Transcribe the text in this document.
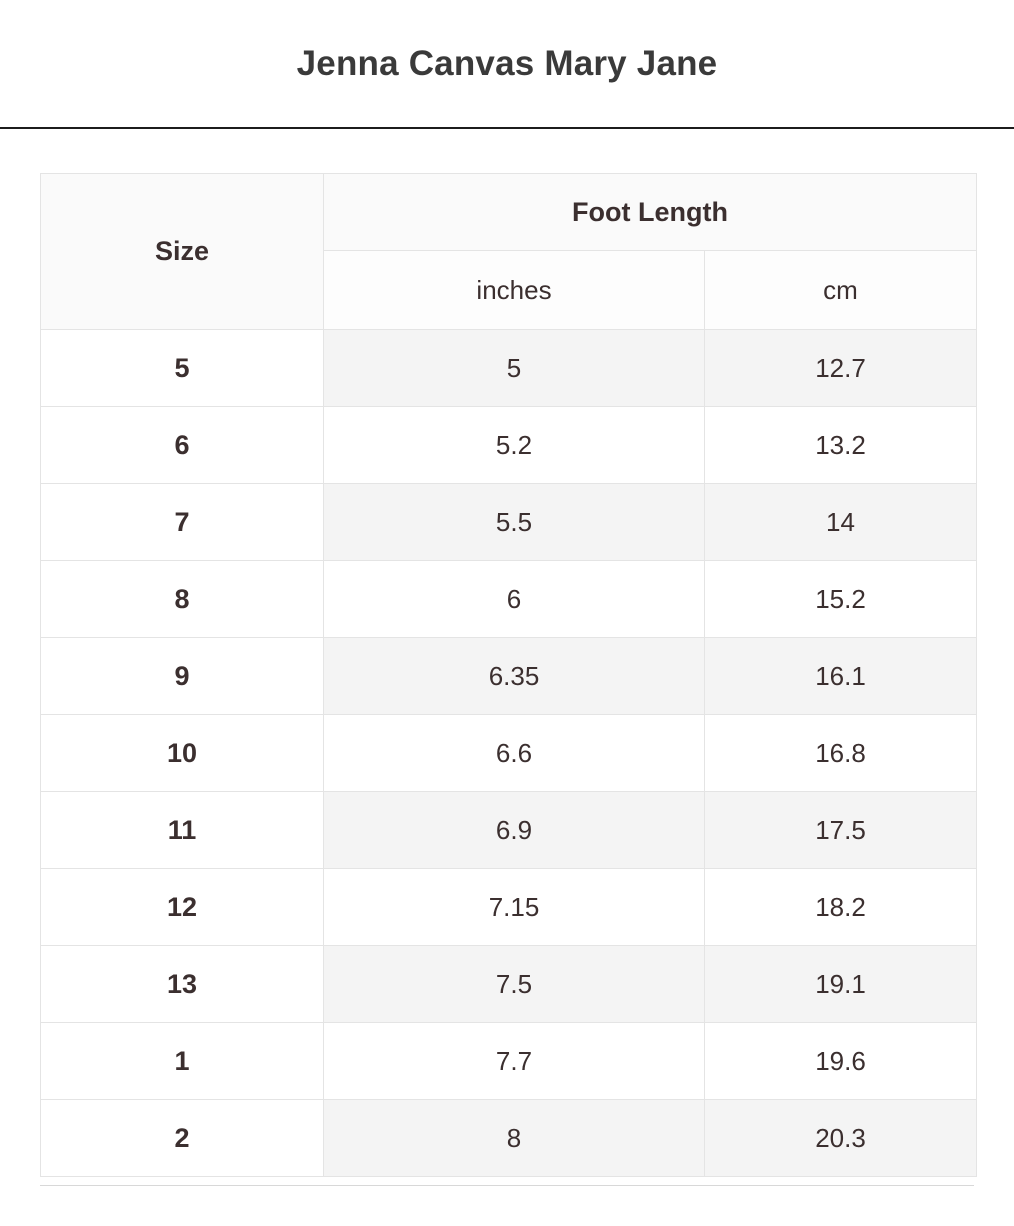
Jenna Canvas Mary Jane
Size	Foot Length	
	inches	cm
5	5	12.7
6	5.2	13.2
7	5.5	14
8	6	15.2
9	6.35	16.1
10	6.6	16.8
11	6.9	17.5
12	7.15	18.2
13	7.5	19.1
1	7.7	19.6
2	8	20.3
